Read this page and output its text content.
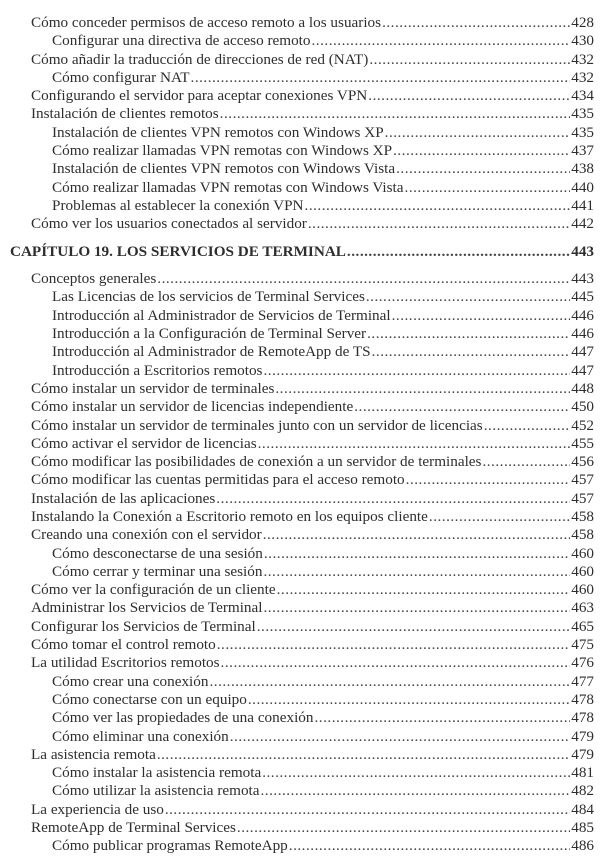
Cómo conceder permisos de acceso remoto a los usuarios .....	428
Configurar una directiva de acceso remoto .....	430
Cómo añadir la traducción de direcciones de red (NAT) .....	432
Cómo configurar NAT .....	432
Configurando el servidor para aceptar conexiones VPN .....	434
Instalación de clientes remotos .....	435
Instalación de clientes VPN remotos con Windows XP .....	435
Cómo realizar llamadas VPN remotas con Windows XP .....	437
Instalación de clientes VPN remotos con Windows Vista .....	438
Cómo realizar llamadas VPN remotas con Windows Vista .....	440
Problemas al establecer la conexión VPN .....	441
Cómo ver los usuarios conectados al servidor .....	442
CAPÍTULO 19. LOS SERVICIOS DE TERMINAL .....	443
Conceptos generales .....	443
Las Licencias de los servicios de Terminal Services .....	445
Introducción al Administrador de Servicios de Terminal .....	446
Introducción a la Configuración de Terminal Server .....	446
Introducción al Administrador de RemoteApp de TS .....	447
Introducción a Escritorios remotos .....	447
Cómo instalar un servidor de terminales .....	448
Cómo instalar un servidor de licencias independiente .....	450
Cómo instalar un servidor de terminales junto con un servidor de licencias .....	452
Cómo activar el servidor de licencias .....	455
Cómo modificar las posibilidades de conexión a un servidor de terminales .....	456
Cómo modificar las cuentas permitidas para el acceso remoto .....	457
Instalación de las aplicaciones .....	457
Instalando la Conexión a Escritorio remoto en los equipos cliente .....	458
Creando una conexión con el servidor .....	458
Cómo desconectarse de una sesión .....	460
Cómo cerrar y terminar una sesión .....	460
Cómo ver la configuración de un cliente .....	460
Administrar los Servicios de Terminal .....	463
Configurar los Servicios de Terminal .....	465
Cómo tomar el control remoto .....	475
La utilidad Escritorios remotos .....	476
Cómo crear una conexión .....	477
Cómo conectarse con un equipo .....	478
Cómo ver las propiedades de una conexión .....	478
Cómo eliminar una conexión .....	479
La asistencia remota .....	479
Cómo instalar la asistencia remota .....	481
Cómo utilizar la asistencia remota .....	482
La experiencia de uso .....	484
RemoteApp de Terminal Services .....	485
Cómo publicar programas RemoteApp .....	486
